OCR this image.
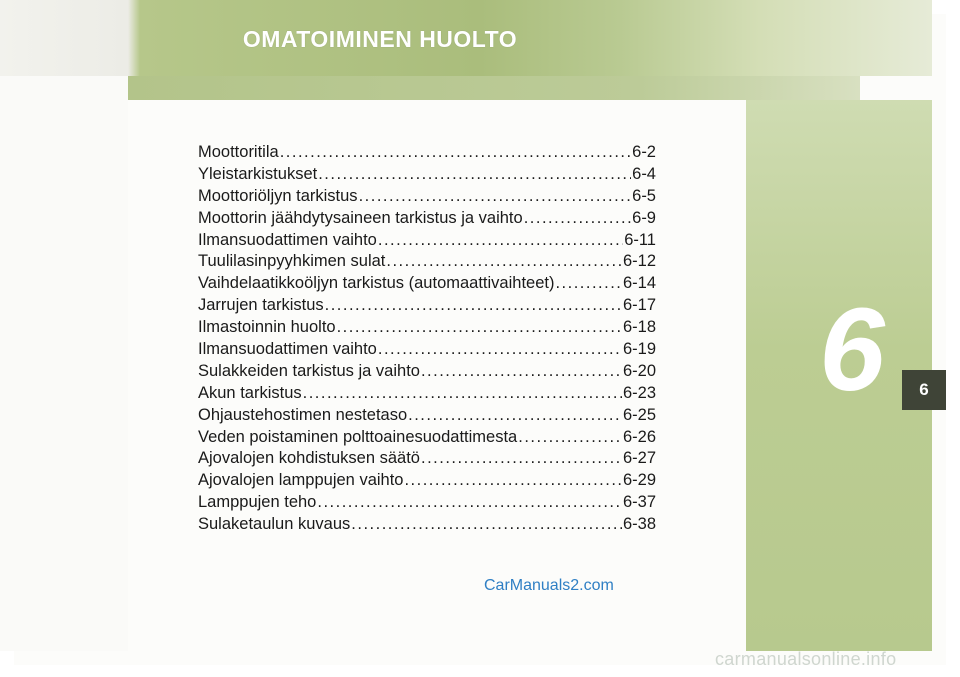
OMATOIMINEN HUOLTO
6	6
Moottoritila .....	6-2
Yleistarkistukset .....	6-4
Moottoriöljyn tarkistus .....	6-5
Moottorin jäähdytysaineen tarkistus ja vaihto .....	6-9
Ilmansuodattimen vaihto .....	6-11
Tuulilasinpyyhkimen sulat .....	6-12
Vaihdelaatikkoöljyn tarkistus (automaattivaihteet) .....	6-14
Jarrujen tarkistus .....	6-17
Ilmastoinnin huolto .....	6-18
Ilmansuodattimen vaihto .....	6-19
Sulakkeiden tarkistus ja vaihto .....	6-20
Akun tarkistus .....	6-23
Ohjaustehostimen nestetaso .....	6-25
Veden poistaminen polttoainesuodattimesta .....	6-26
Ajovalojen kohdistuksen säätö .....	6-27
Ajovalojen lamppujen vaihto .....	6-29
Lamppujen teho .....	6-37
Sulaketaulun kuvaus .....	6-38
CarManuals2.com
carmanualsonline.info
